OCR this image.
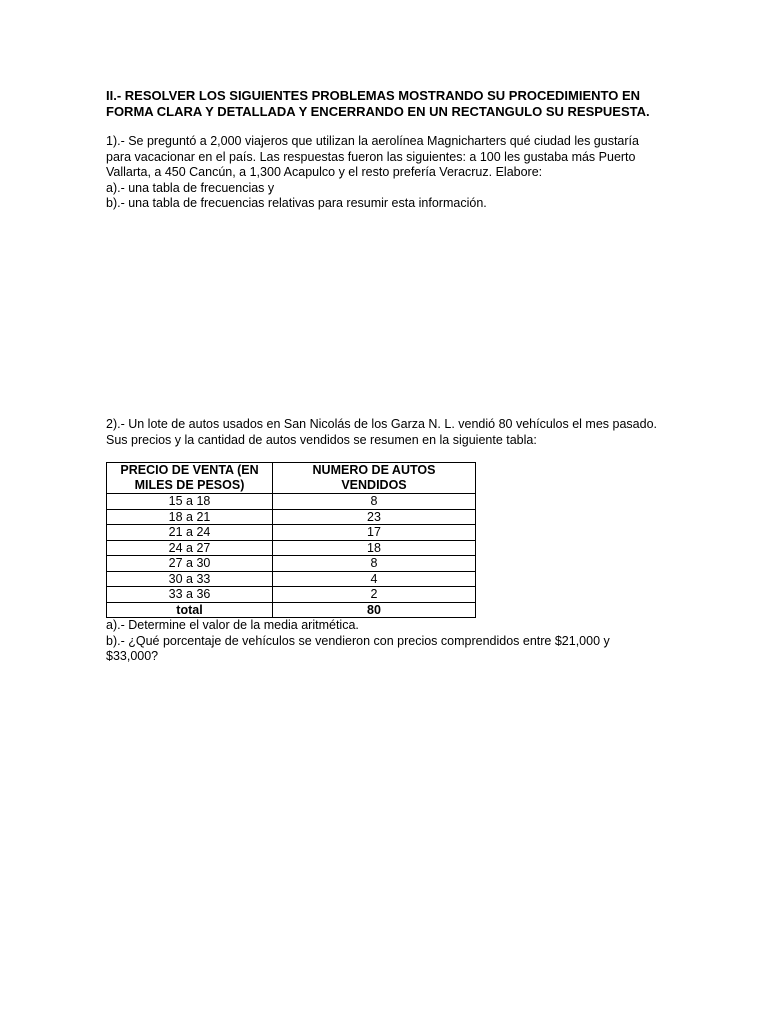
II.- RESOLVER LOS SIGUIENTES PROBLEMAS MOSTRANDO SU PROCEDIMIENTO EN
FORMA CLARA Y DETALLADA Y ENCERRANDO EN UN RECTANGULO SU RESPUESTA.
1).- Se preguntó a 2,000 viajeros que utilizan la aerolínea Magnicharters qué ciudad les gustaría
para vacacionar en el país. Las respuestas fueron las siguientes: a 100 les gustaba más Puerto
Vallarta, a 450 Cancún, a 1,300 Acapulco y el resto prefería Veracruz. Elabore:
a).- una tabla de frecuencias y
b).- una tabla de frecuencias relativas para resumir esta información.
2).- Un lote de autos usados en San Nicolás de los Garza N. L. vendió 80 vehículos el mes pasado.
Sus precios y la cantidad de autos vendidos se resumen en la siguiente tabla:
PRECIO DE VENTA (EN
MILES DE PESOS)	NUMERO DE AUTOS
VENDIDOS
15 a 18	8
18 a 21	23
21 a 24	17
24 a 27	18
27 a 30	8
30 a 33	4
33 a 36	2
total	80
a).- Determine el valor de la media aritmética.
b).- ¿Qué porcentaje de vehículos se vendieron con precios comprendidos entre $21,000 y
$33,000?
